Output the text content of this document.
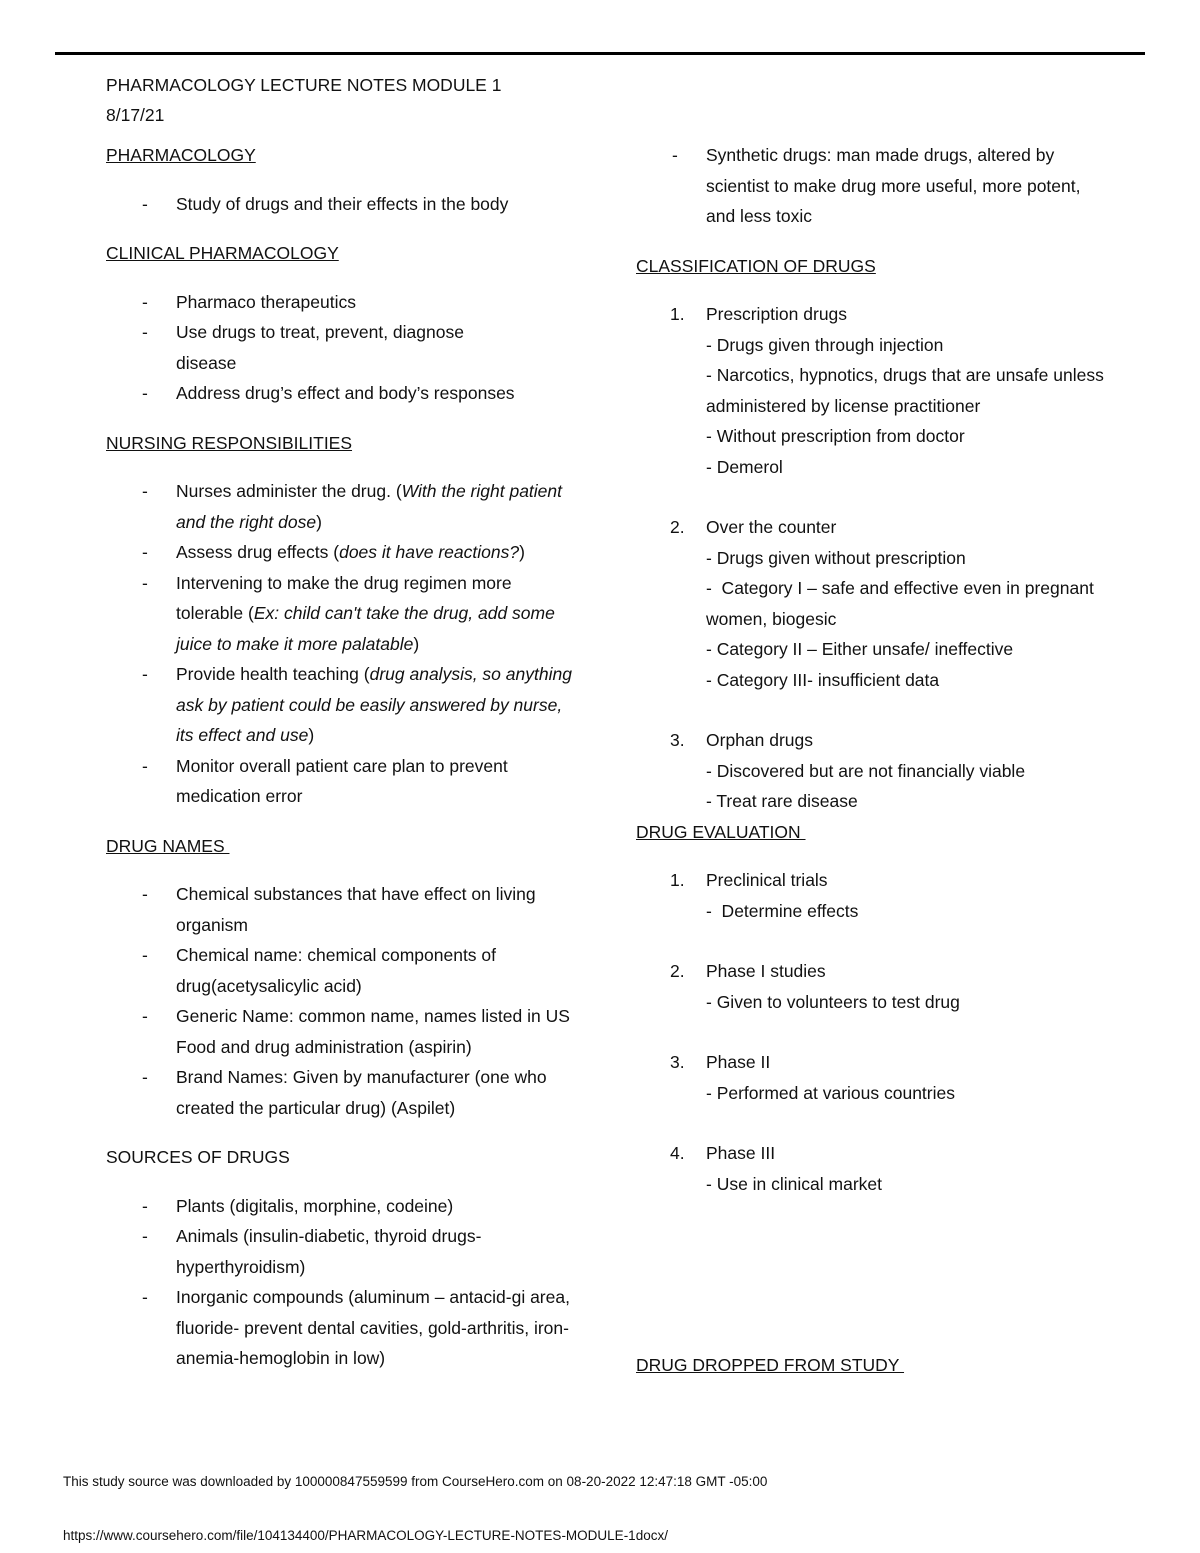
PHARMACOLOGY LECTURE NOTES MODULE 1
8/17/21
PHARMACOLOGY
- Study of drugs and their effects in the body
CLINICAL PHARMACOLOGY
- Pharmaco therapeutics
- Use drugs to treat, prevent, diagnose disease
- Address drug’s effect and body’s responses
NURSING RESPONSIBILITIES
- Nurses administer the drug. (With the right patient and the right dose)
- Assess drug effects (does it have reactions?)
- Intervening to make the drug regimen more tolerable (Ex: child can't take the drug, add some juice to make it more palatable)
- Provide health teaching (drug analysis, so anything ask by patient could be easily answered by nurse, its effect and use)
- Monitor overall patient care plan to prevent medication error
DRUG NAMES
- Chemical substances that have effect on living organism
- Chemical name: chemical components of drug(acetysalicylic acid)
- Generic Name: common name, names listed in US Food and drug administration (aspirin)
- Brand Names: Given by manufacturer (one who created the particular drug) (Aspilet)
SOURCES OF DRUGS
- Plants (digitalis, morphine, codeine)
- Animals (insulin-diabetic, thyroid drugs-hyperthyroidism)
- Inorganic compounds (aluminum – antacid-gi area, fluoride- prevent dental cavities, gold-arthritis, iron-anemia-hemoglobin in low)
- Synthetic drugs: man made drugs, altered by scientist to make drug more useful, more potent, and less toxic
CLASSIFICATION OF DRUGS
1. Prescription drugs
- Drugs given through injection
- Narcotics, hypnotics, drugs that are unsafe unless administered by license practitioner
- Without prescription from doctor
- Demerol
2. Over the counter
- Drugs given without prescription
-  Category I – safe and effective even in pregnant women, biogesic
- Category II – Either unsafe/ ineffective
- Category III- insufficient data
3. Orphan drugs
- Discovered but are not financially viable
- Treat rare disease
DRUG EVALUATION
1. Preclinical trials
-  Determine effects
2. Phase I studies
- Given to volunteers to test drug
3. Phase II
- Performed at various countries
4. Phase III
- Use in clinical market
DRUG DROPPED FROM STUDY
This study source was downloaded by 100000847559599 from CourseHero.com on 08-20-2022 12:47:18 GMT -05:00
https://www.coursehero.com/file/104134400/PHARMACOLOGY-LECTURE-NOTES-MODULE-1docx/
